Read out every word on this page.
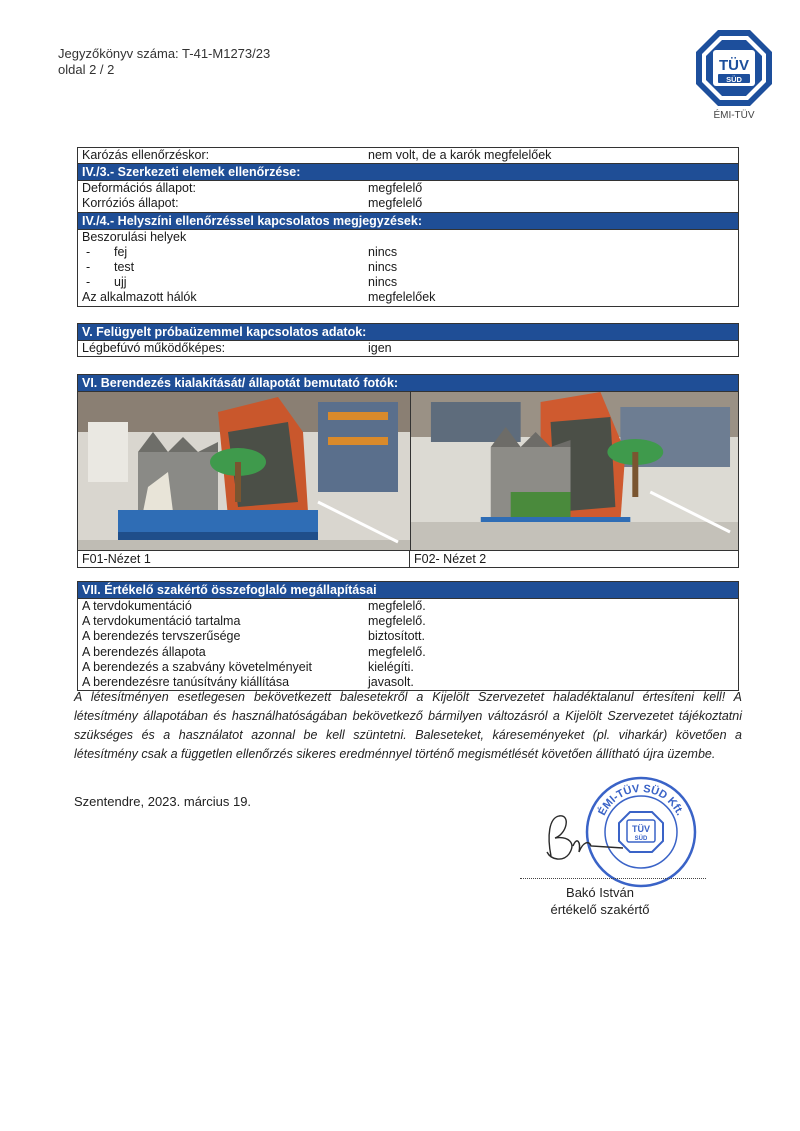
Jegyzőkönyv száma: T-41-M1273/23
oldal 2 / 2	TÜV
SÜD
ÉMI-TÜV
Karózás ellenőrzéskor:	nem volt, de a karók megfelelőek
IV./3.- Szerkezeti elemek ellenőrzése:
Deformációs állapot:	megfelelő
Korróziós állapot:	megfelelő
IV./4.- Helyszíni ellenőrzéssel kapcsolatos megjegyzések:
Beszorulási helyek
- fej	nincs
- test	nincs
- ujj	nincs
Az alkalmazott hálók	megfelelőek
V. Felügyelt próbaüzemmel kapcsolatos adatok:
Légbefúvó működőképes:	igen
VI. Berendezés kialakítását/ állapotát bemutató fotók:
F01-Nézet 1	F02- Nézet 2
VII. Értékelő szakértő összefoglaló megállapításai
A tervdokumentáció	megfelelő.
A tervdokumentáció tartalma	megfelelő.
A berendezés tervszerűsége	biztosított.
A berendezés állapota	megfelelő.
A berendezés a szabvány követelményeit	kielégíti.
A berendezésre tanúsítvány kiállítása	javasolt.
A létesítményen esetlegesen bekövetkezett balesetekről a Kijelölt Szervezetet haladéktalanul értesíteni kell! A létesítmény állapotában és használhatóságában bekövetkező bármilyen változásról a Kijelölt Szervezetet tájékoztatni szükséges és a használatot azonnal be kell szüntetni. Baleseteket, káreseményeket (pl. viharkár) követően a létesítmény csak a független ellenőrzés sikeres eredménnyel történő megismétlését követően állítható újra üzembe.
Szentendre, 2023. március 19.
ÉMI-TÜV SÜD Kft.
TÜV
SÜD
Bakó István
értékelő szakértő
